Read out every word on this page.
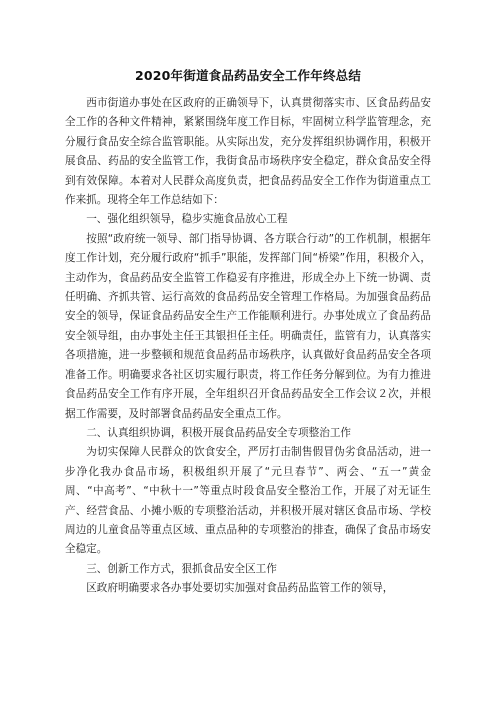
2020年街道食品药品安全工作年终总结

西市街道办事处在区政府的正确领导下，认真贯彻落实市、区食品药品安全工作的各种文件精神，紧紧围绕年度工作目标，牢固树立科学监管理念，充分履行食品安全综合监管职能。从实际出发，充分发挥组织协调作用，积极开展食品、药品的安全监管工作，我街食品市场秩序安全稳定，群众食品安全得到有效保障。本着对人民群众高度负责，把食品药品安全工作作为街道重点工作来抓。现将全年工作总结如下：

一、强化组织领导，稳步实施食品放心工程

按照“政府统一领导、部门指导协调、各方联合行动”的工作机制，根据年度工作计划，充分履行政府“抓手”职能，发挥部门间“桥梁”作用，积极介入，主动作为，食品药品安全监管工作稳妥有序推进，形成全办上下统一协调、责任明确、齐抓共管、运行高效的食品药品安全管理工作格局。为加强食品药品安全的领导，保证食品药品安全生产工作能顺利进行。办事处成立了食品药品安全领导组，由办事处主任王其银担任主任。明确责任，监管有力，认真落实各项措施，进一步整顿和规范食品药品市场秩序，认真做好食品药品安全各项准备工作。明确要求各社区切实履行职责，将工作任务分解到位。为有力推进食品药品安全工作有序开展，全年组织召开食品药品安全工作会议２次，并根据工作需要，及时部署食品药品安全重点工作。

二、认真组织协调，积极开展食品药品安全专项整治工作

为切实保障人民群众的饮食安全，严厉打击制售假冒伪劣食品活动，进一步净化我办食品市场，积极组织开展了“元旦春节”、两会、“五一”黄金周、“中高考”、“中秋十一”等重点时段食品安全整治工作，开展了对无证生产、经营食品、小摊小贩的专项整治活动，并积极开展对辖区食品市场、学校周边的儿童食品等重点区域、重点品种的专项整治的排查，确保了食品市场安全稳定。

三、创新工作方式，狠抓食品安全区工作

区政府明确要求各办事处要切实加强对食品药品监管工作的领导，
